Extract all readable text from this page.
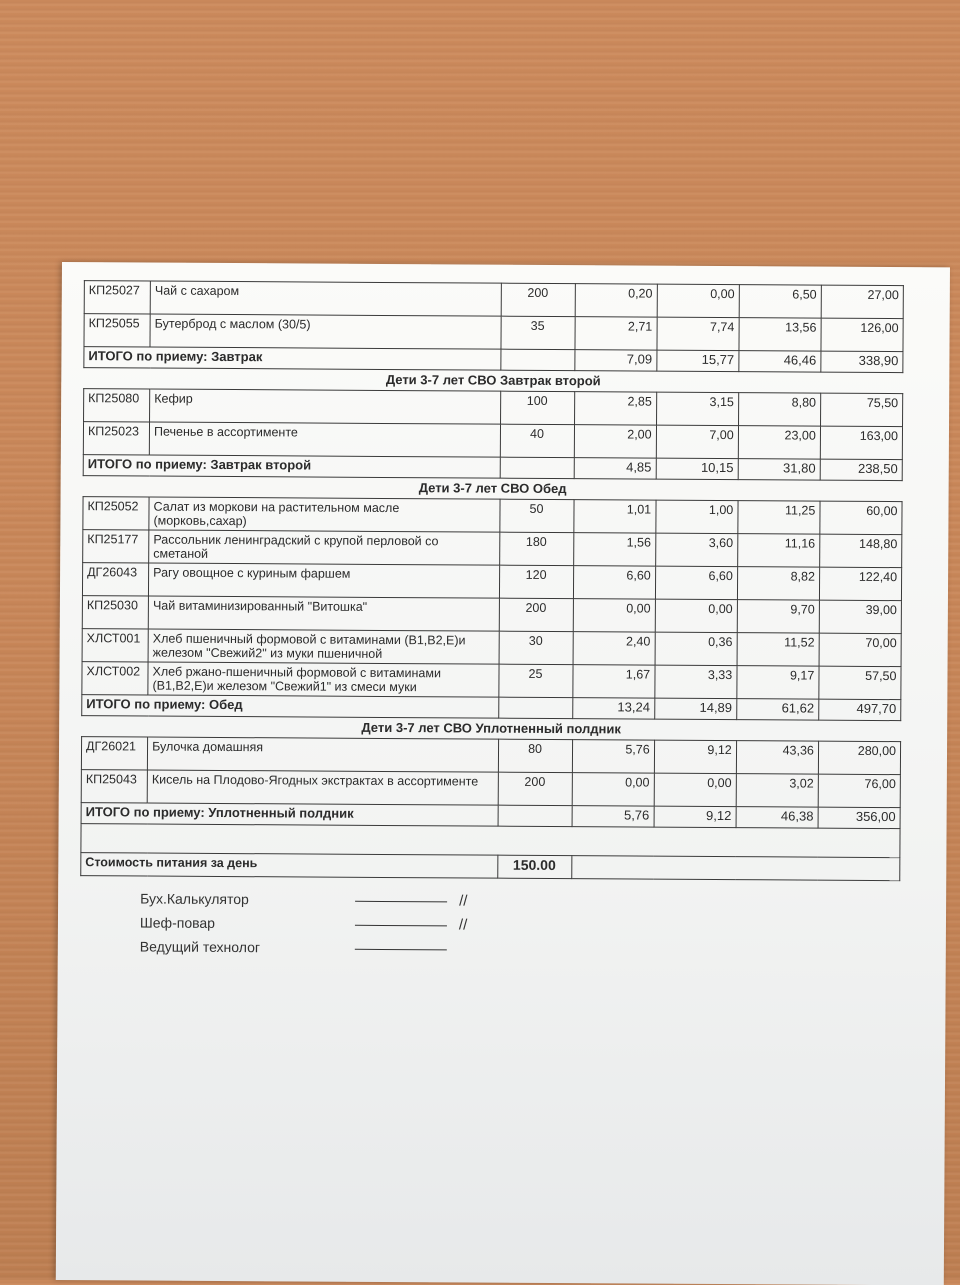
КП25027	Чай с сахаром	200	0,20	0,00	6,50	27,00
КП25055	Бутерброд с маслом (30/5)	35	2,71	7,74	13,56	126,00
ИТОГО по приему: Завтрак			7,09	15,77	46,46	338,90
Дети 3-7 лет СВО Завтрак второй
КП25080	Кефир	100	2,85	3,15	8,80	75,50
КП25023	Печенье в ассортименте	40	2,00	7,00	23,00	163,00
ИТОГО по приему: Завтрак второй			4,85	10,15	31,80	238,50
Дети 3-7 лет СВО Обед
КП25052	Салат из моркови на растительном масле (морковь,сахар)	50	1,01	1,00	11,25	60,00
КП25177	Рассольник ленинградский с крупой перловой со сметаной	180	1,56	3,60	11,16	148,80
ДГ26043	Рагу овощное с куриным фаршем	120	6,60	6,60	8,82	122,40
КП25030	Чай витаминизированный "Витошка"	200	0,00	0,00	9,70	39,00
ХЛСТ001	Хлеб пшеничный формовой с витаминами (В1,В2,Е)и железом "Свежий2" из муки пшеничной	30	2,40	0,36	11,52	70,00
ХЛСТ002	Хлеб ржано-пшеничный формовой с витаминами (В1,В2,Е)и железом "Свежий1" из смеси муки	25	1,67	3,33	9,17	57,50
ИТОГО по приему: Обед			13,24	14,89	61,62	497,70
Дети 3-7 лет СВО Уплотненный полдник
ДГ26021	Булочка домашняя	80	5,76	9,12	43,36	280,00
КП25043	Кисель на Плодово-Ягодных экстрактах в ассортименте	200	0,00	0,00	3,02	76,00
ИТОГО по приему: Уплотненный полдник			5,76	9,12	46,38	356,00

Стоимость питания за день		150.00				
Бух.Калькулятор	//
Шеф-повар	//
Ведущий технолог
